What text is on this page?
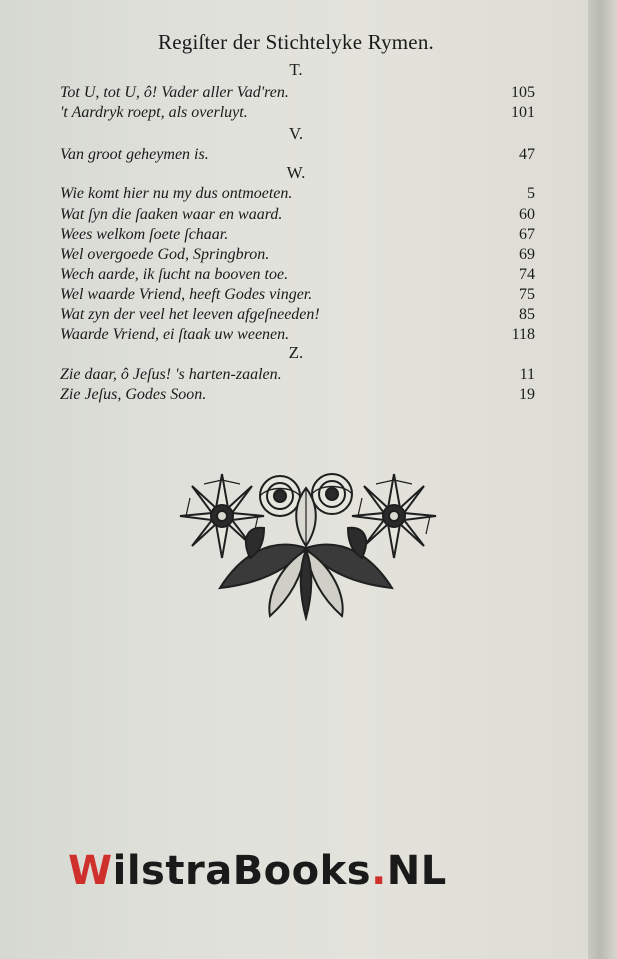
Regiſter der Stichtelyke Rymen.
T.
Tot U, tot U, ô! Vader aller Vad'ren.	105
't Aardryk roept, als overluyt.	101
V.
Van groot geheymen is.	47
W.
Wie komt hier nu my dus ontmoeten.	5
Wat ſyn die ſaaken waar en waard.	60
Wees welkom ſoete ſchaar.	67
Wel overgoede God, Springbron.	69
Wech aarde, ik ſucht na booven toe.	74
Wel waarde Vriend, heeft Godes vinger.	75
Wat zyn der veel het leeven afgeſneeden!	85
Waarde Vriend, ei ſtaak uw weenen.	118
Z.
Zie daar, ô Jeſus! 's harten-zaalen.	11
Zie Jeſus, Godes Soon.	19
WilstraBooks.NL
